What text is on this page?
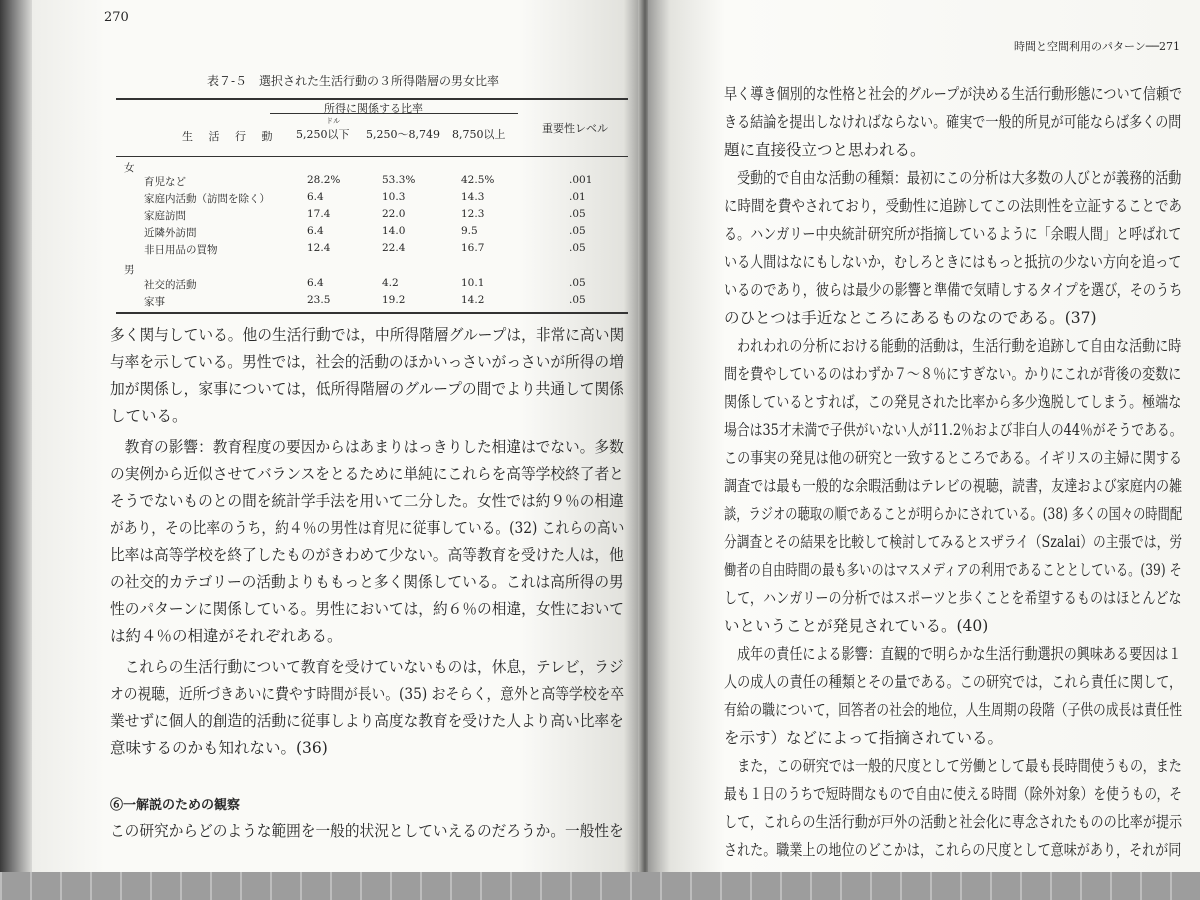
270
表７-５　選択された生活行動の３所得階層の男女比率
所得に関係する比率
ドル
生 活 行 動 5,250以下 5,250〜8,749 8,750以上	重要性レベル
女
育児など	28.2%	53.3%	42.5%	.001
家庭内活動（訪問を除く）	6.4	10.3	14.3	.01
家庭訪問	17.4	22.0	12.3	.05
近隣外訪問	6.4	14.0	9.5	.05
非日用品の買物	12.4	22.4	16.7	.05
男
社交的活動	6.4	4.2	10.1	.05
家事	23.5	19.2	14.2	.05
多く関与している。他の生活行動では，中所得階層グループは，非常に高い関
与率を示している。男性では，社会的活動のほかいっさいがっさいが所得の増
加が関係し，家事については，低所得階層のグループの間でより共通して関係
している。
　教育の影響：教育程度の要因からはあまりはっきりした相違はでない。多数
の実例から近似させてバランスをとるために単純にこれらを高等学校終了者と
そうでないものとの間を統計学手法を用いて二分した。女性では約９％の相違
があり，その比率のうち，約４％の男性は育児に従事している。(32) これらの高い
比率は高等学校を終了したものがきわめて少ない。高等教育を受けた人は，他
の社交的カテゴリーの活動よりももっと多く関係している。これは高所得の男
性のパターンに関係している。男性においては，約６％の相違，女性において
は約４％の相違がそれぞれある。
　これらの生活行動について教育を受けていないものは，休息，テレビ，ラジ
オの視聴，近所づきあいに費やす時間が長い。(35) おそらく，意外と高等学校を卒
業せずに個人的創造的活動に従事しより高度な教育を受けた人より高い比率を
意味するのかも知れない。(36)
⑥一解説のための観察
この研究からどのような範囲を一般的状況としていえるのだろうか。一般性を
時間と空間利用のパターン──271
早く導き個別的な性格と社会的グループが決める生活行動形態について信頼で
きる結論を提出しなければならない。確実で一般的所見が可能ならば多くの問
題に直接役立つと思われる。
　受動的で自由な活動の種類：最初にこの分析は大多数の人びとが義務的活動
に時間を費やされており，受動性に追跡してこの法則性を立証することであ
る。ハンガリー中央統計研究所が指摘しているように「余暇人間」と呼ばれて
いる人間はなにもしないか，むしろときにはもっと抵抗の少ない方向を追って
いるのであり，彼らは最少の影響と準備で気晴しするタイプを選び，そのうち
のひとつは手近なところにあるものなのである。(37)
　われわれの分析における能動的活動は，生活行動を追跡して自由な活動に時
間を費やしているのはわずか７〜８％にすぎない。かりにこれが背後の変数に
関係しているとすれば，この発見された比率から多少逸脱してしまう。極端な
場合は35才未満で子供がいない人が11.2％および非白人の44％がそうである。
この事実の発見は他の研究と一致するところである。イギリスの主婦に関する
調査では最も一般的な余暇活動はテレビの視聴，読書，友達および家庭内の雑
談，ラジオの聴取の順であることが明らかにされている。(38) 多くの国々の時間配
分調査とその結果を比較して検討してみるとスザライ（Szalai）の主張では，労
働者の自由時間の最も多いのはマスメディアの利用であることとしている。(39) そ
して，ハンガリーの分析ではスポーツと歩くことを希望するものはほとんどな
いということが発見されている。(40)
　成年の責任による影響：直観的で明らかな生活行動選択の興味ある要因は１
人の成人の責任の種類とその量である。この研究では，これら責任に関して，
有給の職について，回答者の社会的地位，人生周期の段階（子供の成長は責任性
を示す）などによって指摘されている。
　また，この研究では一般的尺度として労働として最も長時間使うもの，また
最も１日のうちで短時間なもので自由に使える時間（除外対象）を使うもの，そ
して，これらの生活行動が戸外の活動と社会化に専念されたものの比率が提示
された。職業上の地位のどこかは，これらの尺度として意味があり，それが同
